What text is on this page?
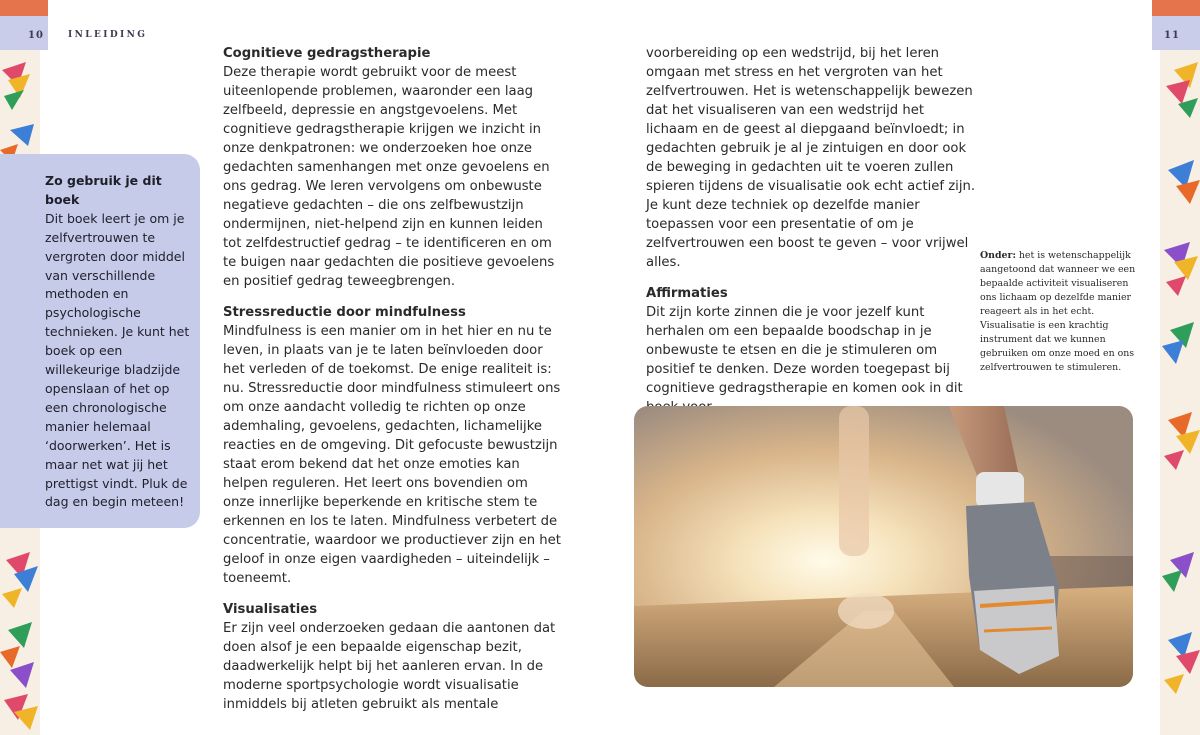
10	11
INLEIDING
Zo gebruik je dit boek

Dit boek leert je om je zelfvertrouwen te vergroten door middel van verschillende methoden en psychologische technieken. Je kunt het boek op een willekeurige bladzijde openslaan of het op een chronologische manier helemaal ‘doorwerken’. Het is maar net wat jij het prettigst vindt. Pluk de dag en begin meteen!

Cognitieve gedragstherapie

Deze therapie wordt gebruikt voor de meest uiteenlopende problemen, waaronder een laag zelfbeeld, depressie en angstgevoelens. Met cognitieve gedragstherapie krijgen we inzicht in onze denkpatronen: we onderzoeken hoe onze gedachten samenhangen met onze gevoelens en ons gedrag. We leren vervolgens om onbewuste negatieve gedachten – die ons zelfbewustzijn ondermijnen, niet-helpend zijn en kunnen leiden tot zelfdestructief gedrag – te identificeren en om te buigen naar gedachten die positieve gevoelens en positief gedrag teweegbrengen.

Stressreductie door mindfulness

Mindfulness is een manier om in het hier en nu te leven, in plaats van je te laten beïnvloeden door het verleden of de toekomst. De enige realiteit is: nu. Stressreductie door mindfulness stimuleert ons om onze aandacht volledig te richten op onze ademhaling, gevoelens, gedachten, lichamelijke reacties en de omgeving. Dit gefocuste bewustzijn staat erom bekend dat het onze emoties kan helpen reguleren. Het leert ons bovendien om onze innerlijke beperkende en kritische stem te erkennen en los te laten. Mindfulness verbetert de concentratie, waardoor we productiever zijn en het geloof in onze eigen vaardigheden – uiteindelijk – toeneemt.

Visualisaties

Er zijn veel onderzoeken gedaan die aantonen dat doen alsof je een bepaalde eigenschap bezit, daadwerkelijk helpt bij het aanleren ervan. In de moderne sportpsychologie wordt visualisatie inmiddels bij atleten gebruikt als mentale

voorbereiding op een wedstrijd, bij het leren omgaan met stress en het vergroten van het zelfvertrouwen. Het is wetenschappelijk bewezen dat het visualiseren van een wedstrijd het lichaam en de geest al diepgaand beïnvloedt; in gedachten gebruik je al je zintuigen en door ook de beweging in gedachten uit te voeren zullen spieren tijdens de visualisatie ook echt actief zijn. Je kunt deze techniek op dezelfde manier toepassen voor een presentatie of om je zelfvertrouwen een boost te geven – voor vrijwel alles.

Affirmaties

Dit zijn korte zinnen die je voor jezelf kunt herhalen om een bepaalde boodschap in je onbewuste te etsen en die je stimuleren om positief te denken. Deze worden toegepast bij cognitieve gedragstherapie en komen ook in dit

Onder: het is wetenschappelijk aangetoond dat wanneer we een bepaalde activiteit visualiseren ons lichaam op dezelfde manier reageert als in het echt. Visualisatie is een krachtig instrument dat we kunnen gebruiken om onze moed en ons zelfvertrouwen te stimuleren.
